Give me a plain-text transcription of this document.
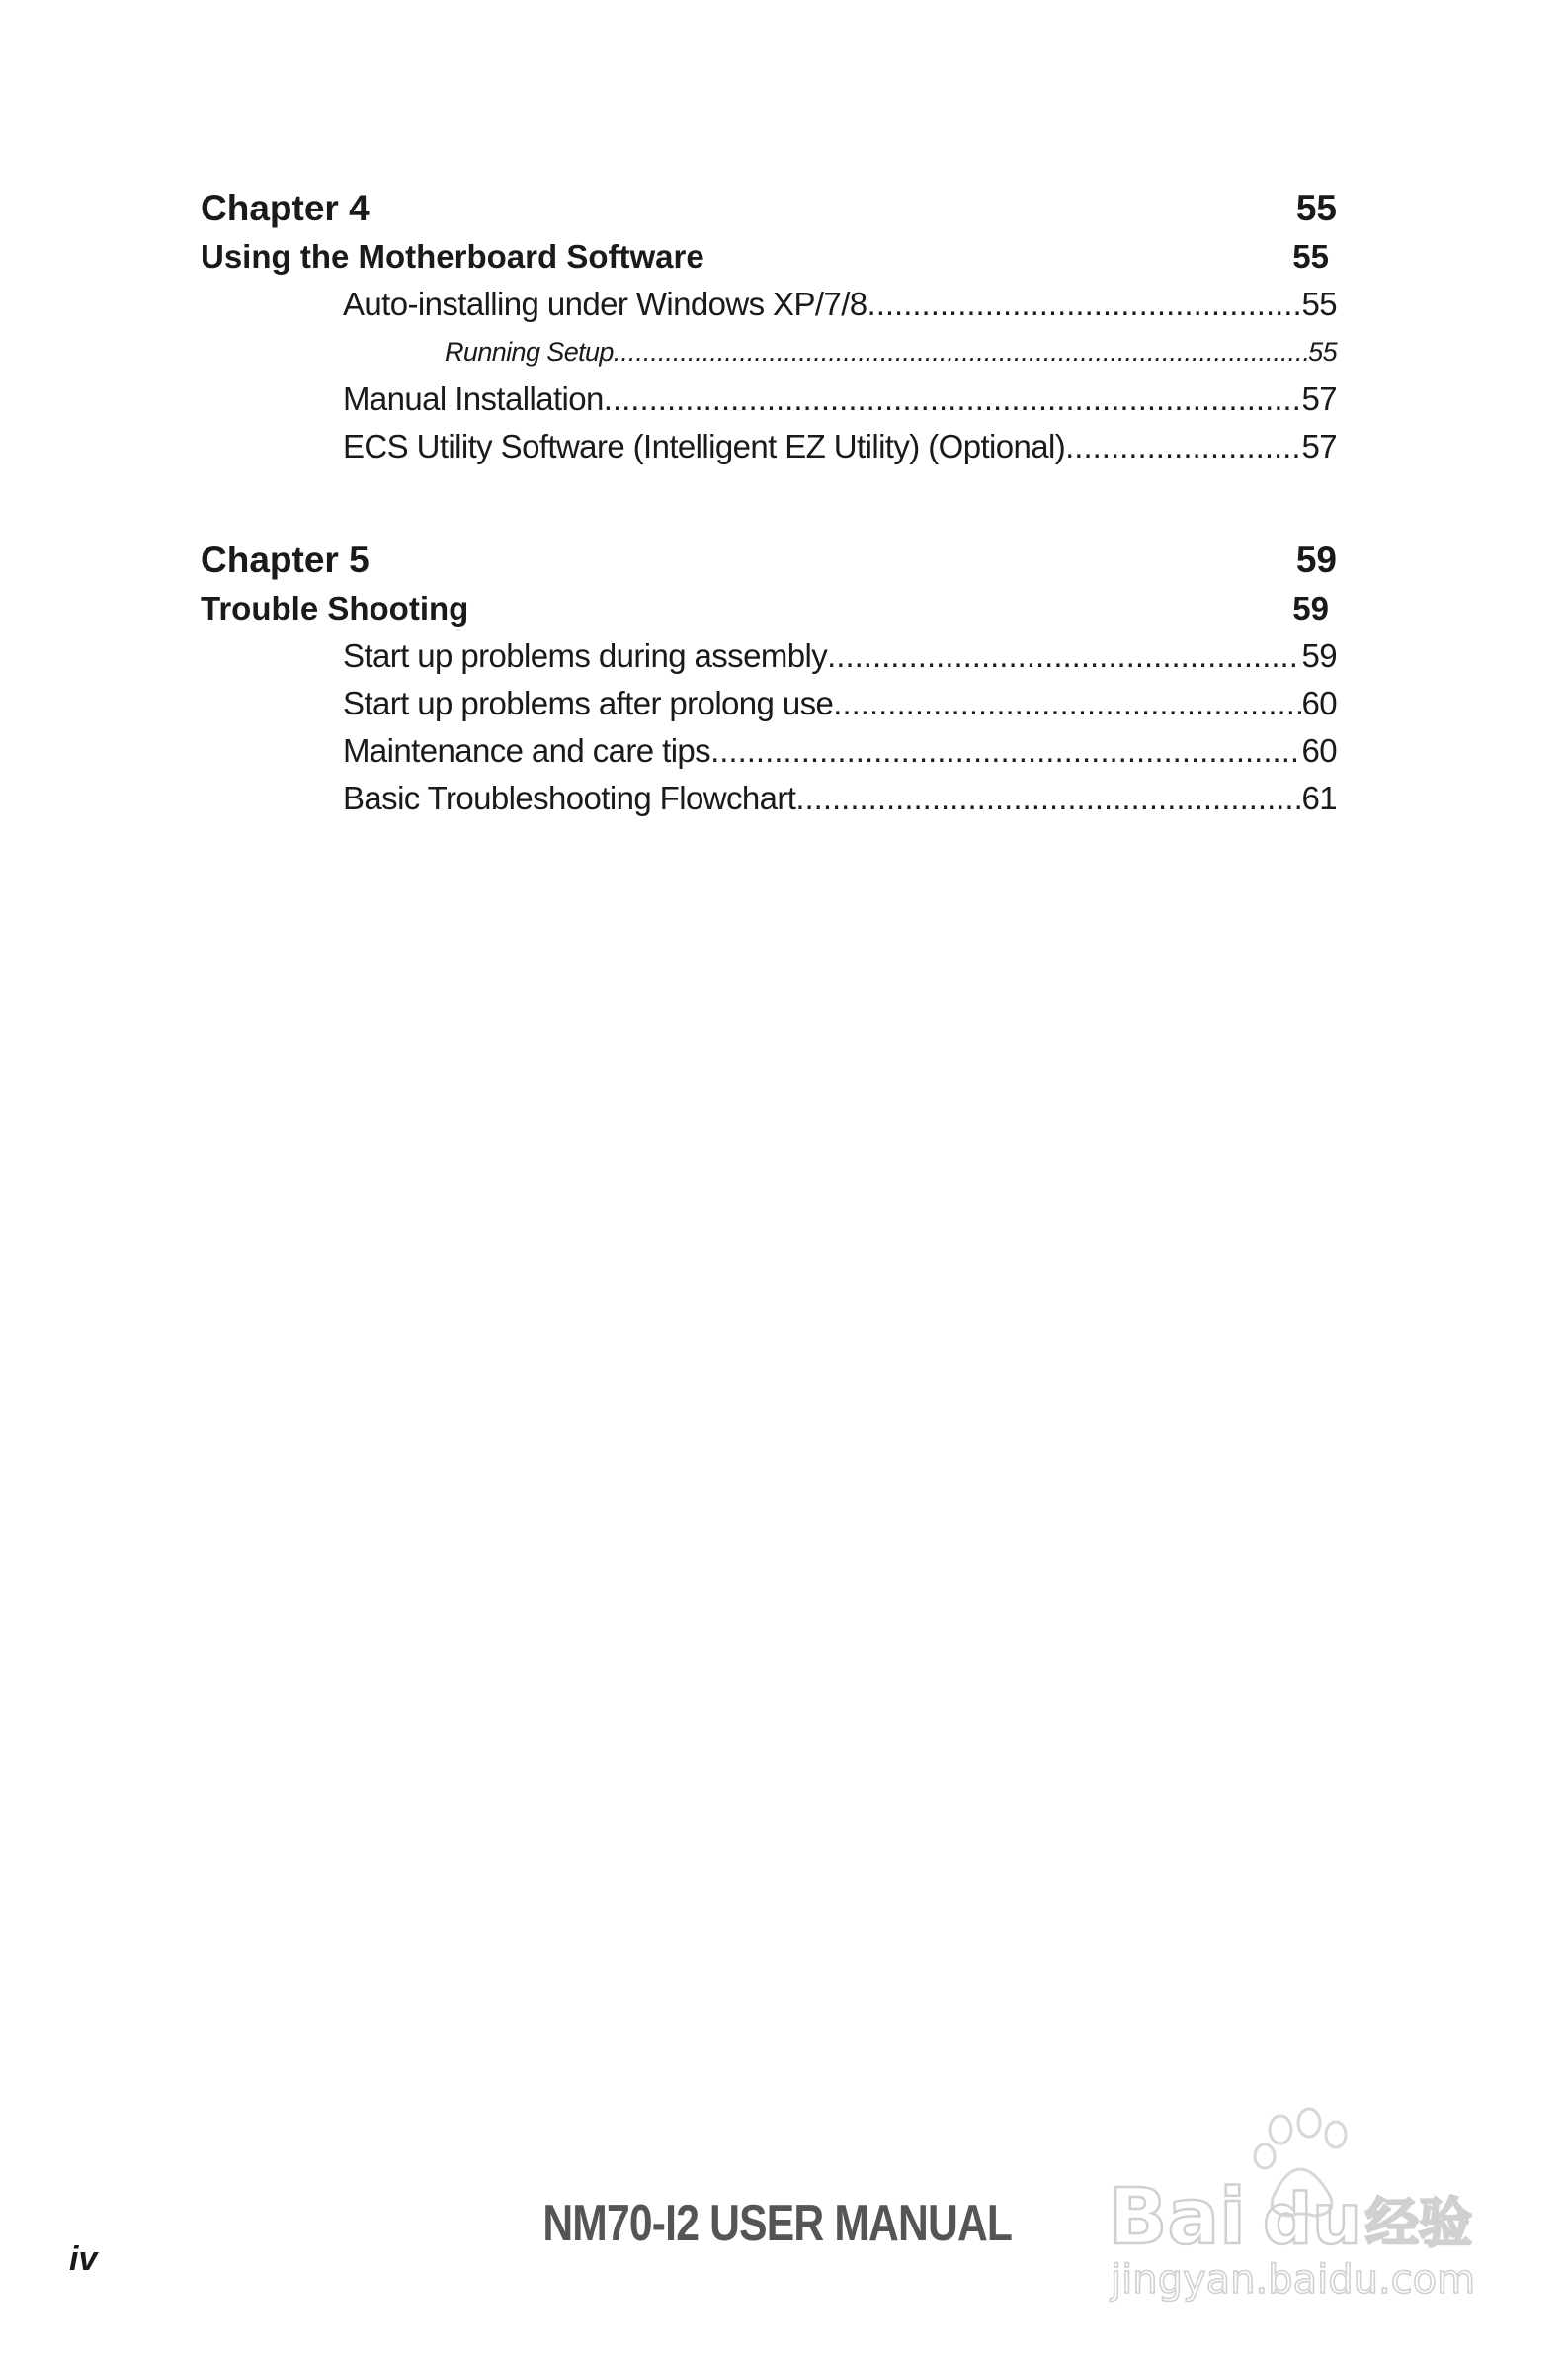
Chapter 4	55
Using the Motherboard Software	55
Auto-installing under Windows XP/7/8 .....	55
Running Setup .....	55
Manual Installation .....	57
ECS Utility Software (Intelligent EZ Utility) (Optional) .....	57
Chapter 5	59
Trouble Shooting	59
Start up problems during assembly .....	59
Start up problems after prolong use .....	60
Maintenance and care tips .....	60
Basic Troubleshooting Flowchart .....	61
NM70-I2 USER MANUAL
iv	Bai du 经验
jingyan.baidu.com
